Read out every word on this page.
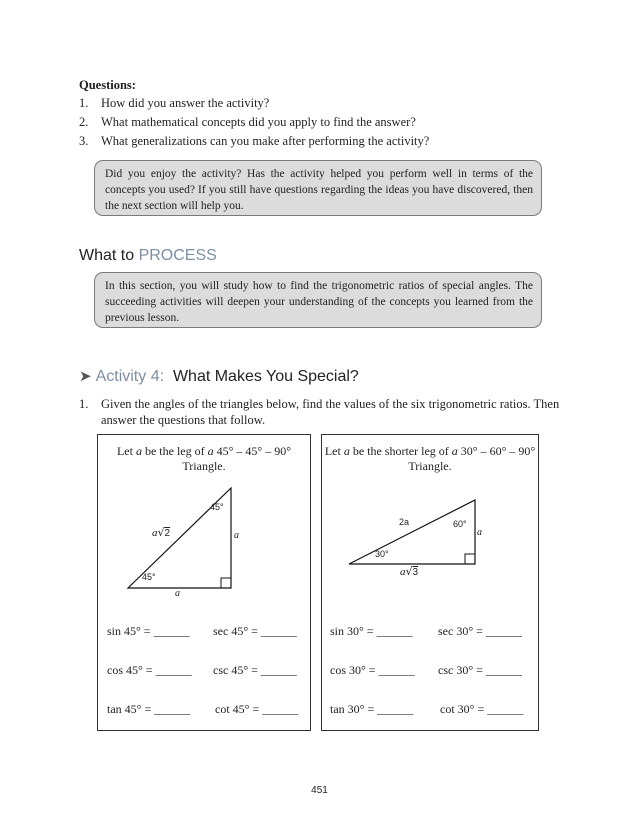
Questions:
1. How did you answer the activity?
2. What mathematical concepts did you apply to find the answer?
3. What generalizations can you make after performing the activity?
Did you enjoy the activity? Has the activity helped you perform well in terms of the concepts you used? If you still have questions regarding the ideas you have discovered, then the next section will help you.
What to PROCESS
In this section, you will study how to find the trigonometric ratios of special angles. The succeeding activities will deepen your understanding of the concepts you learned from the previous lesson.
➤ Activity 4: What Makes You Special?
1. Given the angles of the triangles below, find the values of the six trigonometric ratios. Then answer the questions that follow.
Let a be the leg of a 45° – 45° – 90°
Triangle.
45°
45°
a√2	a
a
sin 45° = ______ sec 45° = ______
cos 45° = ______ csc 45° = ______
tan 45° = ______ cot 45° = ______
Let a be the shorter leg of a 30° – 60° – 90°
Triangle.
60°
30°
2a
a
a√3
sin 30° = ______ sec 30° = ______
cos 30° = ______ csc 30° = ______
tan 30° = ______ cot 30° = ______
451
